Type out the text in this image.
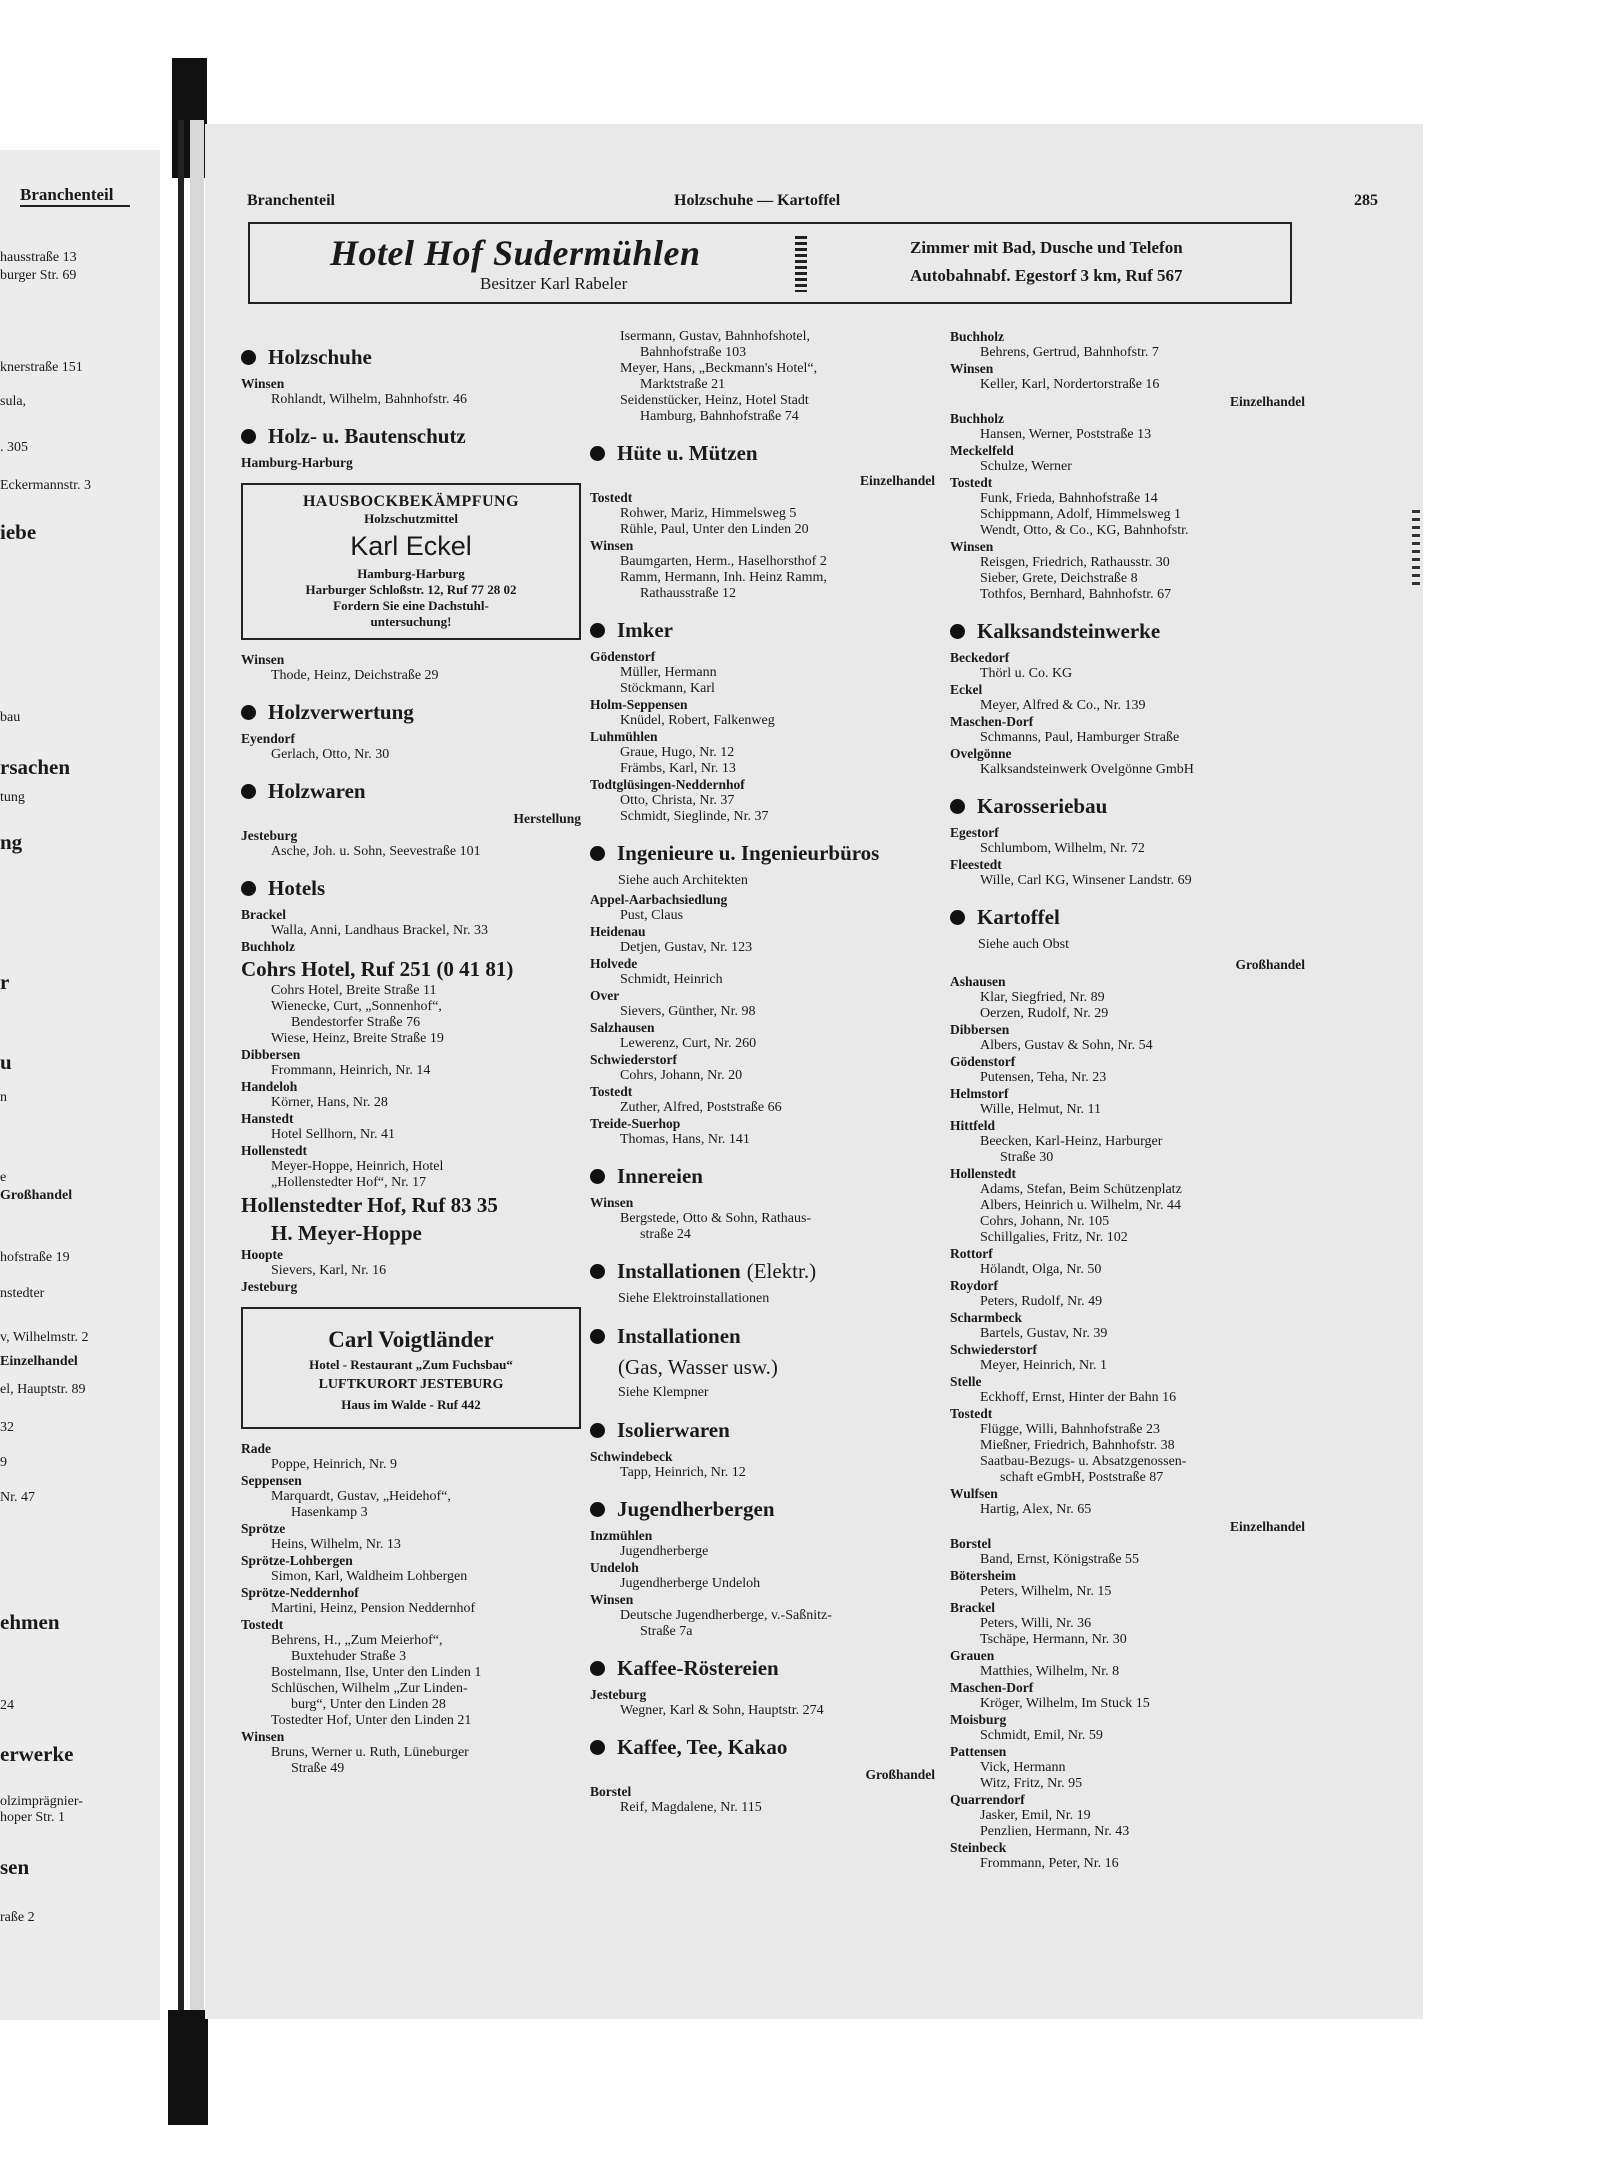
Branchenteil
hausstraße 13
burger Str. 69
knerstraße 151
sula,
. 305
Eckermannstr. 3
iebe
bau
rsachen
tung
ng
r
u
n
e
Großhandel
hofstraße 19
nstedter
v, Wilhelmstr. 2
Einzelhandel
el, Hauptstr. 89
32
9
Nr. 47
ehmen
24
erwerke
olzimprägnier-
hoper Str. 1
sen
raße 2
Branchenteil	Holzschuhe — Kartoffel	285
Hotel Hof Sudermühlen
Besitzer Karl Rabeler
Zimmer mit Bad, Dusche und Telefon
Autobahnabf. Egestorf 3 km, Ruf 567
Holzschuhe
Winsen
Rohlandt, Wilhelm, Bahnhofstr. 46
Holz- u. Bautenschutz
Hamburg-Harburg
HAUSBOCKBEKÄMPFUNG
Holzschutzmittel
Karl Eckel
Hamburg-Harburg
Harburger Schloßstr. 12, Ruf 77 28 02
Fordern Sie eine Dachstuhl-
untersuchung!
Winsen
Thode, Heinz, Deichstraße 29
Holzverwertung
Eyendorf
Gerlach, Otto, Nr. 30
Holzwaren
Herstellung
Jesteburg
Asche, Joh. u. Sohn, Seevestraße 101
Hotels
Brackel
Walla, Anni, Landhaus Brackel, Nr. 33
Buchholz
Cohrs Hotel, Ruf 251 (0 41 81)
Cohrs Hotel, Breite Straße 11
Wienecke, Curt, „Sonnenhof“,
Bendestorfer Straße 76
Wiese, Heinz, Breite Straße 19
Dibbersen
Frommann, Heinrich, Nr. 14
Handeloh
Körner, Hans, Nr. 28
Hanstedt
Hotel Sellhorn, Nr. 41
Hollenstedt
Meyer-Hoppe, Heinrich, Hotel
„Hollenstedter Hof“, Nr. 17
Hollenstedter Hof, Ruf 83 35
H. Meyer-Hoppe
Hoopte
Sievers, Karl, Nr. 16
Jesteburg
Carl Voigtländer
Hotel - Restaurant „Zum Fuchsbau“
LUFTKURORT JESTEBURG
Haus im Walde - Ruf 442
Rade
Poppe, Heinrich, Nr. 9
Seppensen
Marquardt, Gustav, „Heidehof“,
Hasenkamp 3
Sprötze
Heins, Wilhelm, Nr. 13
Sprötze-Lohbergen
Simon, Karl, Waldheim Lohbergen
Sprötze-Neddernhof
Martini, Heinz, Pension Neddernhof
Tostedt
Behrens, H., „Zum Meierhof“,
Buxtehuder Straße 3
Bostelmann, Ilse, Unter den Linden 1
Schlüschen, Wilhelm „Zur Linden-
burg“, Unter den Linden 28
Tostedter Hof, Unter den Linden 21
Winsen
Bruns, Werner u. Ruth, Lüneburger
Straße 49
Isermann, Gustav, Bahnhofshotel,
Bahnhofstraße 103
Meyer, Hans, „Beckmann's Hotel“,
Marktstraße 21
Seidenstücker, Heinz, Hotel Stadt
Hamburg, Bahnhofstraße 74
Hüte u. Mützen
Einzelhandel
Tostedt
Rohwer, Mariz, Himmelsweg 5
Rühle, Paul, Unter den Linden 20
Winsen
Baumgarten, Herm., Haselhorsthof 2
Ramm, Hermann, Inh. Heinz Ramm,
Rathausstraße 12
Imker
Gödenstorf
Müller, Hermann
Stöckmann, Karl
Holm-Seppensen
Knüdel, Robert, Falkenweg
Luhmühlen
Graue, Hugo, Nr. 12
Främbs, Karl, Nr. 13
Todtglüsingen-Neddernhof
Otto, Christa, Nr. 37
Schmidt, Sieglinde, Nr. 37
Ingenieure u. Ingenieurbüros
Siehe auch Architekten
Appel-Aarbachsiedlung
Pust, Claus
Heidenau
Detjen, Gustav, Nr. 123
Holvede
Schmidt, Heinrich
Over
Sievers, Günther, Nr. 98
Salzhausen
Lewerenz, Curt, Nr. 260
Schwiederstorf
Cohrs, Johann, Nr. 20
Tostedt
Zuther, Alfred, Poststraße 66
Treide-Suerhop
Thomas, Hans, Nr. 141
Innereien
Winsen
Bergstede, Otto & Sohn, Rathaus-
straße 24
Installationen (Elektr.)
Siehe Elektroinstallationen
Installationen
(Gas, Wasser usw.)
Siehe Klempner
Isolierwaren
Schwindebeck
Tapp, Heinrich, Nr. 12
Jugendherbergen
Inzmühlen
Jugendherberge
Undeloh
Jugendherberge Undeloh
Winsen
Deutsche Jugendherberge, v.-Saßnitz-
Straße 7a
Kaffee-Röstereien
Jesteburg
Wegner, Karl & Sohn, Hauptstr. 274
Kaffee, Tee, Kakao
Großhandel
Borstel
Reif, Magdalene, Nr. 115
Buchholz
Behrens, Gertrud, Bahnhofstr. 7
Winsen
Keller, Karl, Nordertorstraße 16
Einzelhandel
Buchholz
Hansen, Werner, Poststraße 13
Meckelfeld
Schulze, Werner
Tostedt
Funk, Frieda, Bahnhofstraße 14
Schippmann, Adolf, Himmelsweg 1
Wendt, Otto, & Co., KG, Bahnhofstr.
Winsen
Reisgen, Friedrich, Rathausstr. 30
Sieber, Grete, Deichstraße 8
Tothfos, Bernhard, Bahnhofstr. 67
Kalksandsteinwerke
Beckedorf
Thörl u. Co. KG
Eckel
Meyer, Alfred & Co., Nr. 139
Maschen-Dorf
Schmanns, Paul, Hamburger Straße
Ovelgönne
Kalksandsteinwerk Ovelgönne GmbH
Karosseriebau
Egestorf
Schlumbom, Wilhelm, Nr. 72
Fleestedt
Wille, Carl KG, Winsener Landstr. 69
Kartoffel
Siehe auch Obst
Großhandel
Ashausen
Klar, Siegfried, Nr. 89
Oerzen, Rudolf, Nr. 29
Dibbersen
Albers, Gustav & Sohn, Nr. 54
Gödenstorf
Putensen, Teha, Nr. 23
Helmstorf
Wille, Helmut, Nr. 11
Hittfeld
Beecken, Karl-Heinz, Harburger
Straße 30
Hollenstedt
Adams, Stefan, Beim Schützenplatz
Albers, Heinrich u. Wilhelm, Nr. 44
Cohrs, Johann, Nr. 105
Schillgalies, Fritz, Nr. 102
Rottorf
Hölandt, Olga, Nr. 50
Roydorf
Peters, Rudolf, Nr. 49
Scharmbeck
Bartels, Gustav, Nr. 39
Schwiederstorf
Meyer, Heinrich, Nr. 1
Stelle
Eckhoff, Ernst, Hinter der Bahn 16
Tostedt
Flügge, Willi, Bahnhofstraße 23
Mießner, Friedrich, Bahnhofstr. 38
Saatbau-Bezugs- u. Absatzgenossen-
schaft eGmbH, Poststraße 87
Wulfsen
Hartig, Alex, Nr. 65
Einzelhandel
Borstel
Band, Ernst, Königstraße 55
Bötersheim
Peters, Wilhelm, Nr. 15
Brackel
Peters, Willi, Nr. 36
Tschäpe, Hermann, Nr. 30
Grauen
Matthies, Wilhelm, Nr. 8
Maschen-Dorf
Kröger, Wilhelm, Im Stuck 15
Moisburg
Schmidt, Emil, Nr. 59
Pattensen
Vick, Hermann
Witz, Fritz, Nr. 95
Quarrendorf
Jasker, Emil, Nr. 19
Penzlien, Hermann, Nr. 43
Steinbeck
Frommann, Peter, Nr. 16
